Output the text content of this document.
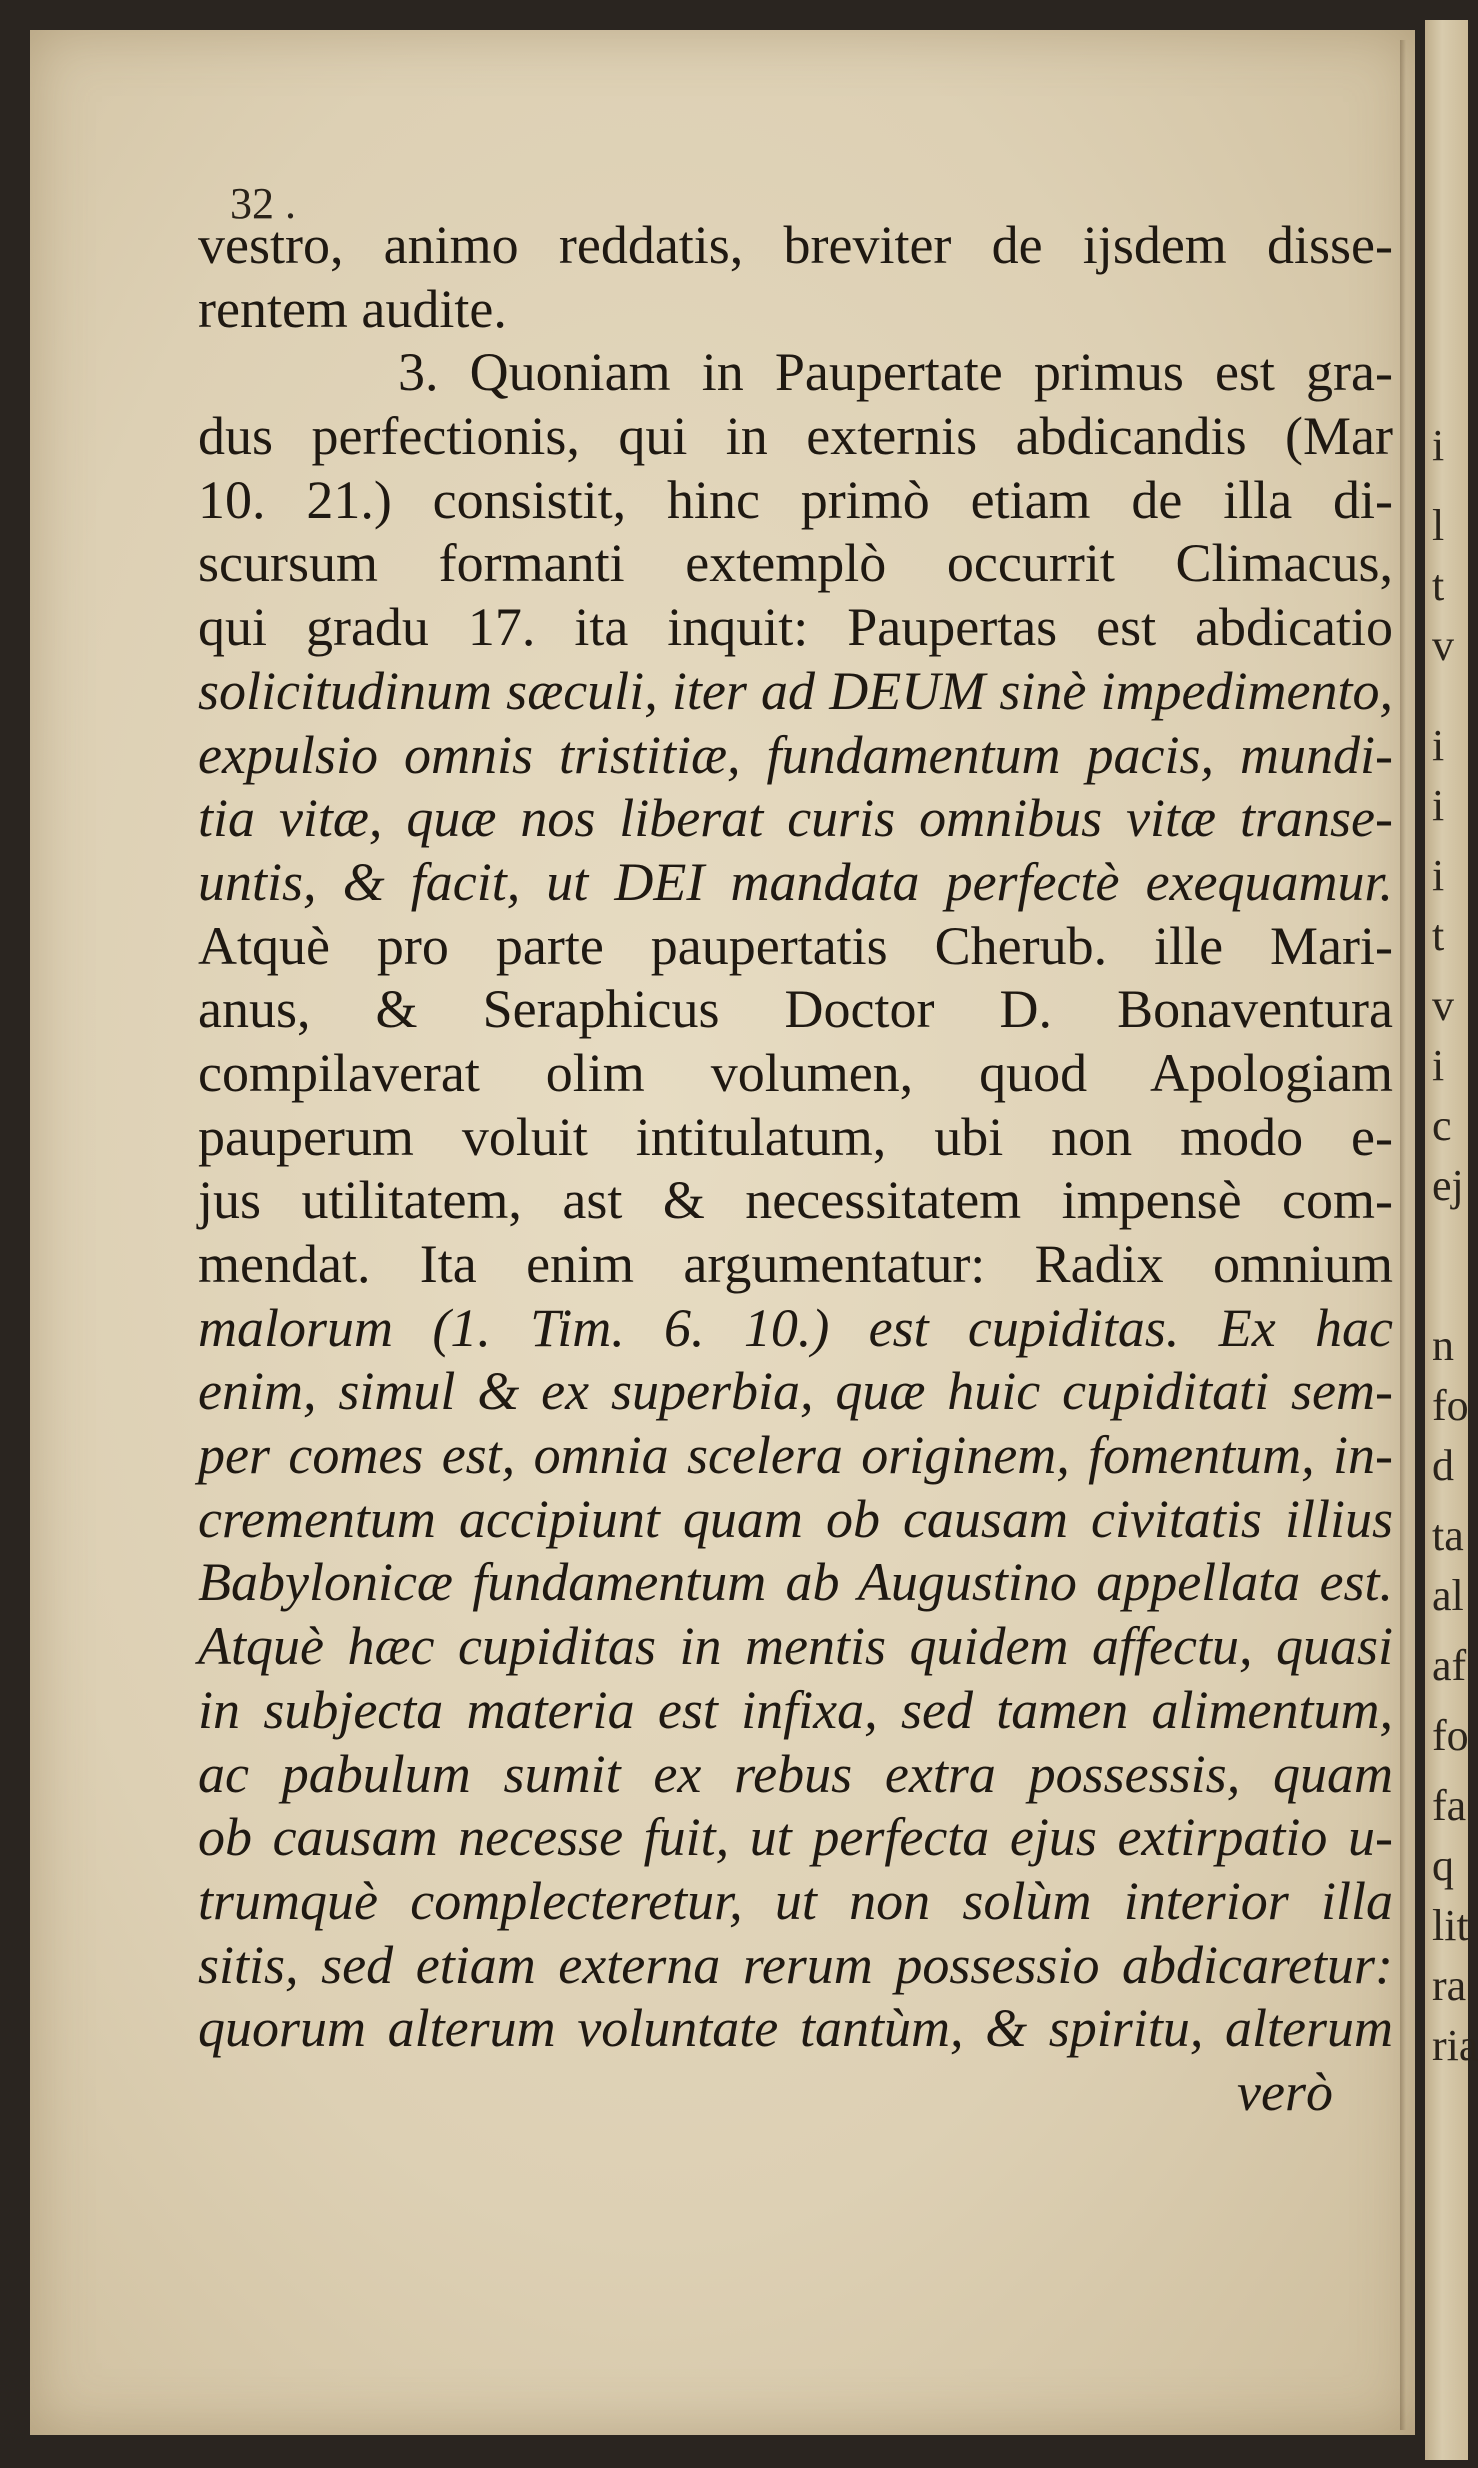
i
l
t
v
i
i
i
t
v
i
c
ej
n
fo
d
ta
al
af
fo
fa
q
lit
ra
ria
32 .
vestro, animo reddatis, breviter de ijsdem disse-
rentem audite.
3. Quoniam in Paupertate primus est gra-
dus perfectionis, qui in externis abdicandis (Mar
10. 21.) consistit, hinc primò etiam de illa di-
scursum formanti extemplò occurrit Climacus,
qui gradu 17. ita inquit: Paupertas est abdicatio
solicitudinum sæculi, iter ad DEUM sinè impedimento,
expulsio omnis tristitiæ, fundamentum pacis, mundi-
tia vitæ, quæ nos liberat curis omnibus vitæ transe-
untis, & facit, ut DEI mandata perfectè exequamur.
Atquè pro parte paupertatis Cherub. ille Mari-
anus, & Seraphicus Doctor D. Bonaventura
compilaverat olim volumen, quod Apologiam
pauperum voluit intitulatum, ubi non modo e-
jus utilitatem, ast & necessitatem impensè com-
mendat. Ita enim argumentatur: Radix omnium
malorum (1. Tim. 6. 10.) est cupiditas. Ex hac
enim, simul & ex superbia, quæ huic cupiditati sem-
per comes est, omnia scelera originem, fomentum, in-
crementum accipiunt quam ob causam civitatis illius
Babylonicæ fundamentum ab Augustino appellata est.
Atquè hæc cupiditas in mentis quidem affectu, quasi
in subjecta materia est infixa, sed tamen alimentum,
ac pabulum sumit ex rebus extra possessis, quam
ob causam necesse fuit, ut perfecta ejus extirpatio u-
trumquè complecteretur, ut non solùm interior illa
sitis, sed etiam externa rerum possessio abdicaretur:
quorum alterum voluntate tantùm, & spiritu, alterum
verò
